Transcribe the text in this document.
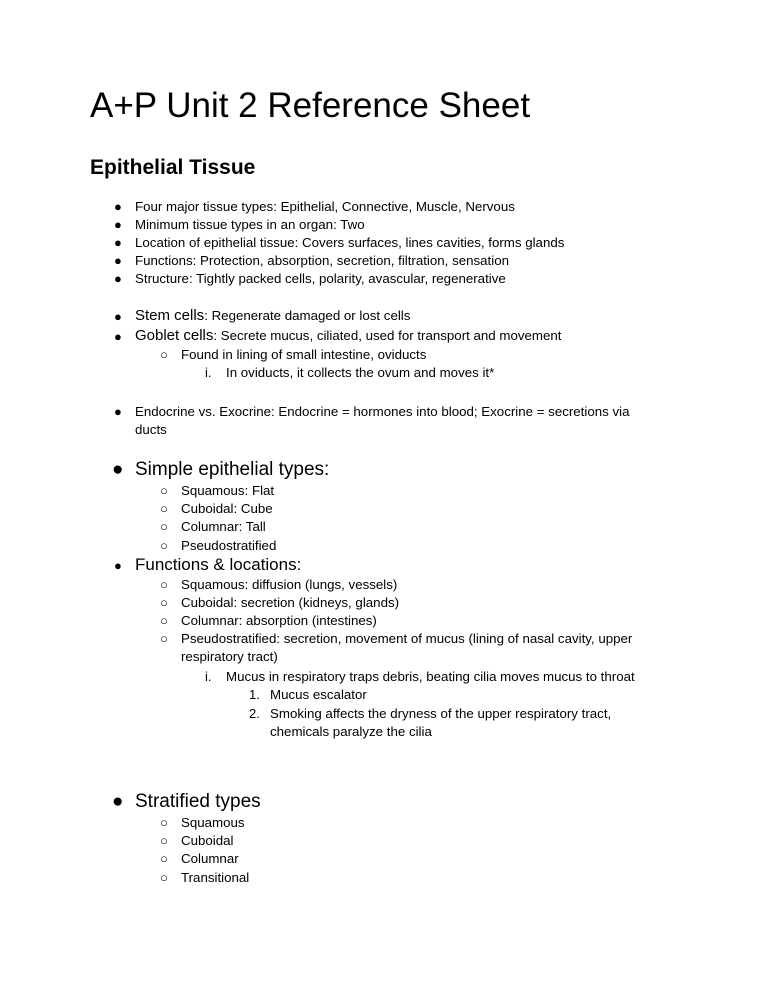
A+P Unit 2 Reference Sheet
Epithelial Tissue
● Four major tissue types: Epithelial, Connective, Muscle, Nervous
● Minimum tissue types in an organ: Two
● Location of epithelial tissue: Covers surfaces, lines cavities, forms glands
● Functions: Protection, absorption, secretion, filtration, sensation
● Structure: Tightly packed cells, polarity, avascular, regenerative
● Stem cells: Regenerate damaged or lost cells
● Goblet cells: Secrete mucus, ciliated, used for transport and movement
○ Found in lining of small intestine, oviducts
i. In oviducts, it collects the ovum and moves it*
● Endocrine vs. Exocrine: Endocrine = hormones into blood; Exocrine = secretions via ducts
● Simple epithelial types:
○ Squamous: Flat
○ Cuboidal: Cube
○ Columnar: Tall
○ Pseudostratified
● Functions & locations:
○ Squamous: diffusion (lungs, vessels)
○ Cuboidal: secretion (kidneys, glands)
○ Columnar: absorption (intestines)
○ Pseudostratified: secretion, movement of mucus (lining of nasal cavity, upper respiratory tract)
i. Mucus in respiratory traps debris, beating cilia moves mucus to throat
1. Mucus escalator
2. Smoking affects the dryness of the upper respiratory tract, chemicals paralyze the cilia
● Stratified types
○ Squamous
○ Cuboidal
○ Columnar
○ Transitional
